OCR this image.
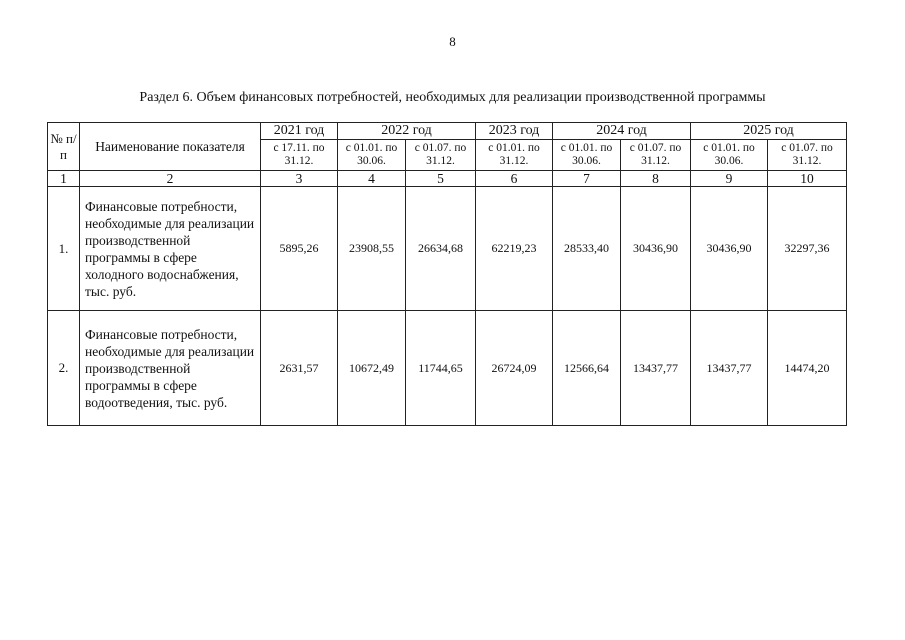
8
Раздел 6. Объем финансовых потребностей, необходимых для реализации производственной программы
№ п/п	Наименование показателя	2021 год	2022 год		2023 год	2024 год		2025 год	
		с 17.11. по 31.12.	с 01.01. по 30.06.	с 01.07. по 31.12.	с 01.01. по 31.12.	с 01.01. по 30.06.	с 01.07. по 31.12.	с 01.01. по 30.06.	с 01.07. по 31.12.
1	2	3	4	5	6	7	8	9	10
1.	Финансовые потребности, необходимые для реализации производственной программы в сфере холодного водоснабжения, тыс. руб.	5895,26	23908,55	26634,68	62219,23	28533,40	30436,90	30436,90	32297,36
2.	Финансовые потребности, необходимые для реализации производственной программы в сфере водоотведения, тыс. руб.	2631,57	10672,49	11744,65	26724,09	12566,64	13437,77	13437,77	14474,20
